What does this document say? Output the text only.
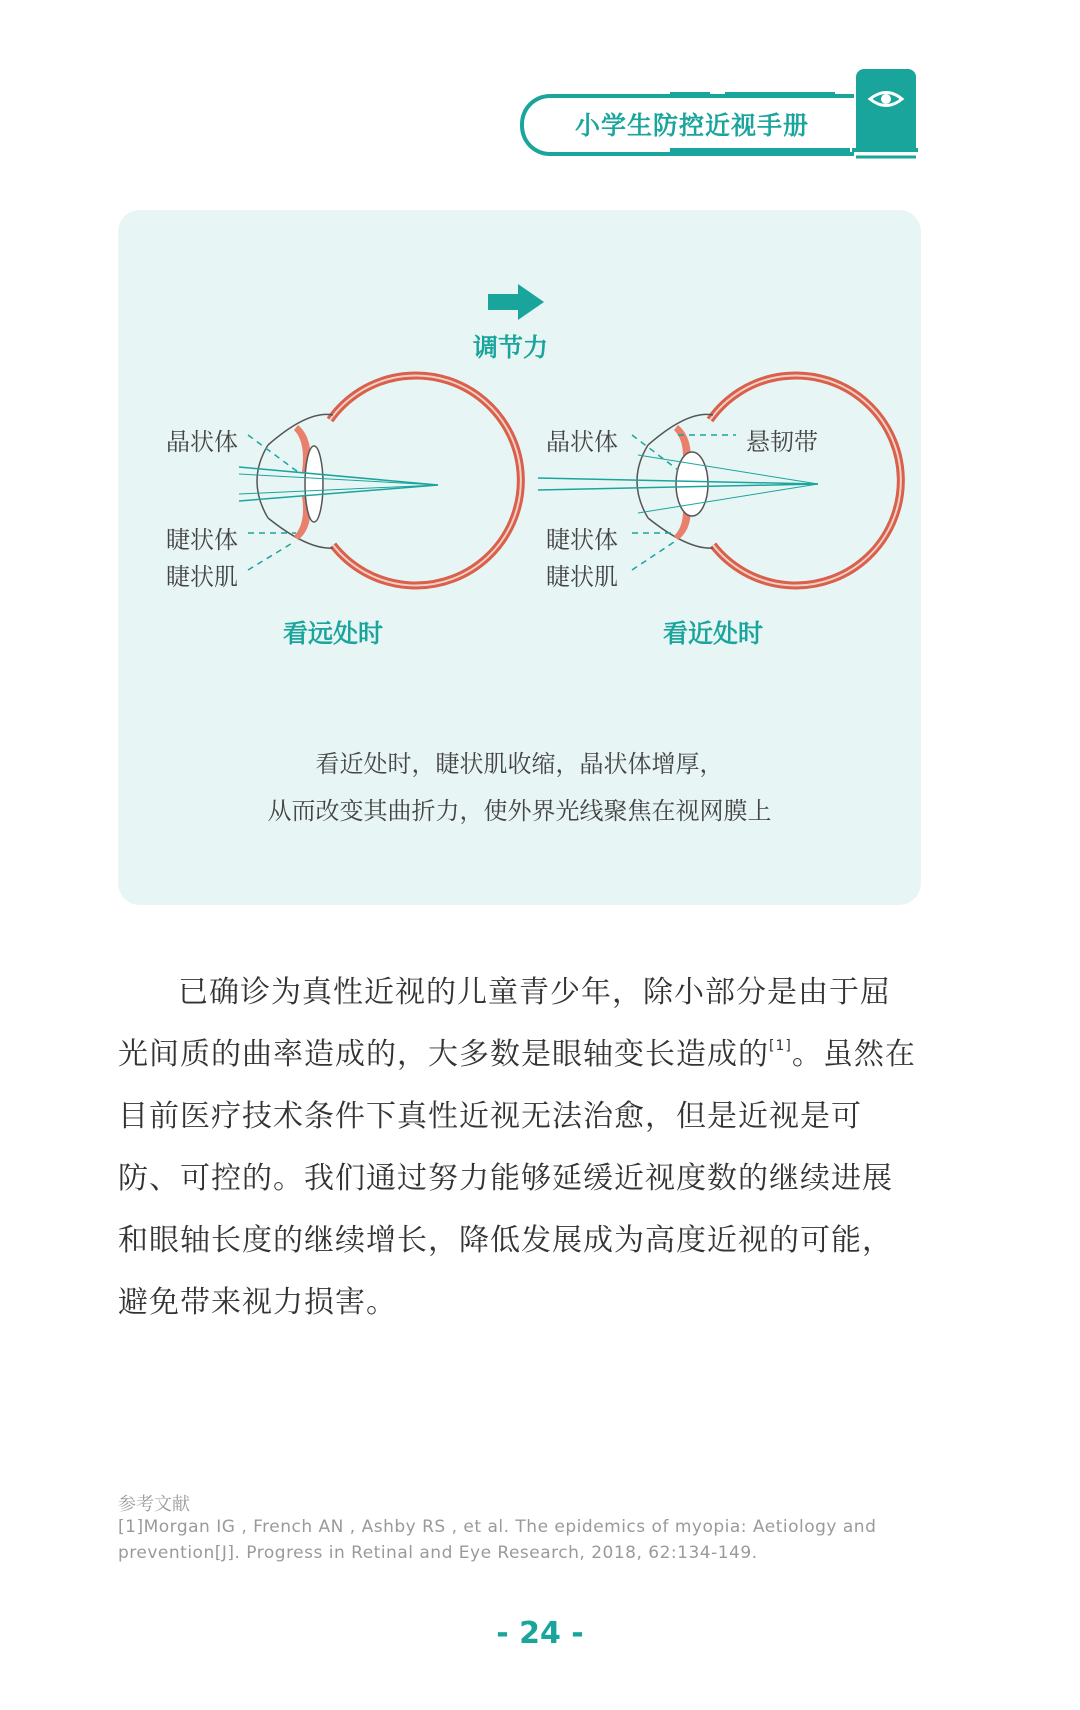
小学生防控近视手册
调节力
晶状体
睫状体
睫状肌
看远处时
晶状体	悬韧带
睫状体
睫状肌
看近处时
看近处时，睫状肌收缩，晶状体增厚，
从而改变其曲折力，使外界光线聚焦在视网膜上
已确诊为真性近视的儿童青少年，除小部分是由于屈光间质的曲率造成的，大多数是眼轴变长造成的[1]。虽然在目前医疗技术条件下真性近视无法治愈，但是近视是可防、可控的。我们通过努力能够延缓近视度数的继续进展和眼轴长度的继续增长，降低发展成为高度近视的可能，避免带来视力损害。
参考文献
[1]Morgan IG , French AN , Ashby RS , et al. The epidemics of myopia: Aetiology and prevention[J]. Progress in Retinal and Eye Research, 2018, 62:134-149.
- 24 -
